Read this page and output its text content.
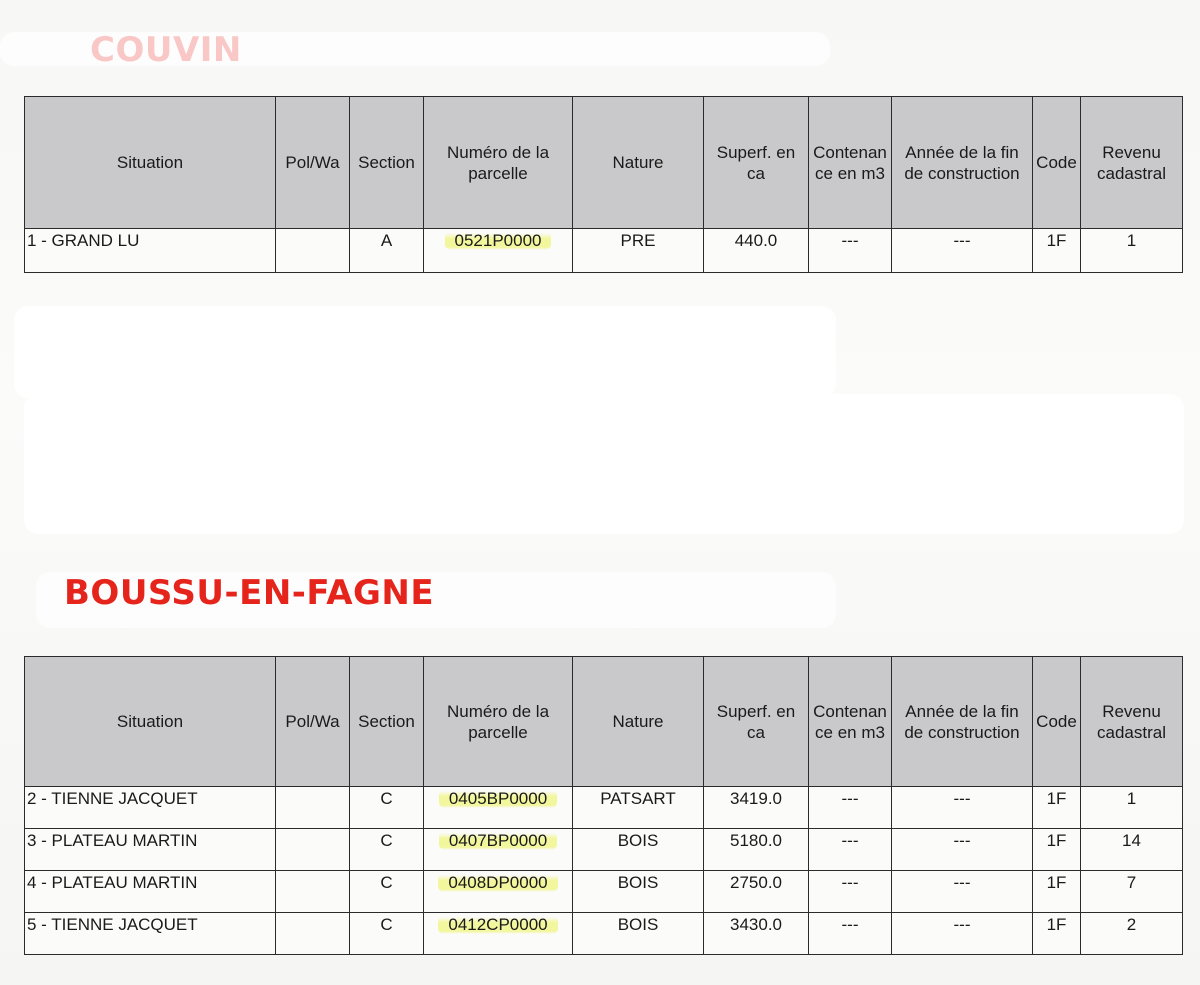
Situation	Pol/Wa	Section	Numéro de la parcelle	Nature	Superf. en ca	Contenan ce en m3	Année de la fin de construction	Code	Revenu cadastral
1 - GRAND LU		A	0521P0000	PRE	440.0	---	---	1F	1
BOUSSU-EN-FAGNE
Situation	Pol/Wa	Section	Numéro de la parcelle	Nature	Superf. en ca	Contenan ce en m3	Année de la fin de construction	Code	Revenu cadastral
2 - TIENNE JACQUET		C	0405BP0000	PATSART	3419.0	---	---	1F	1
3 - PLATEAU MARTIN		C	0407BP0000	BOIS	5180.0	---	---	1F	14
4 - PLATEAU MARTIN		C	0408DP0000	BOIS	2750.0	---	---	1F	7
5 - TIENNE JACQUET		C	0412CP0000	BOIS	3430.0	---	---	1F	2
